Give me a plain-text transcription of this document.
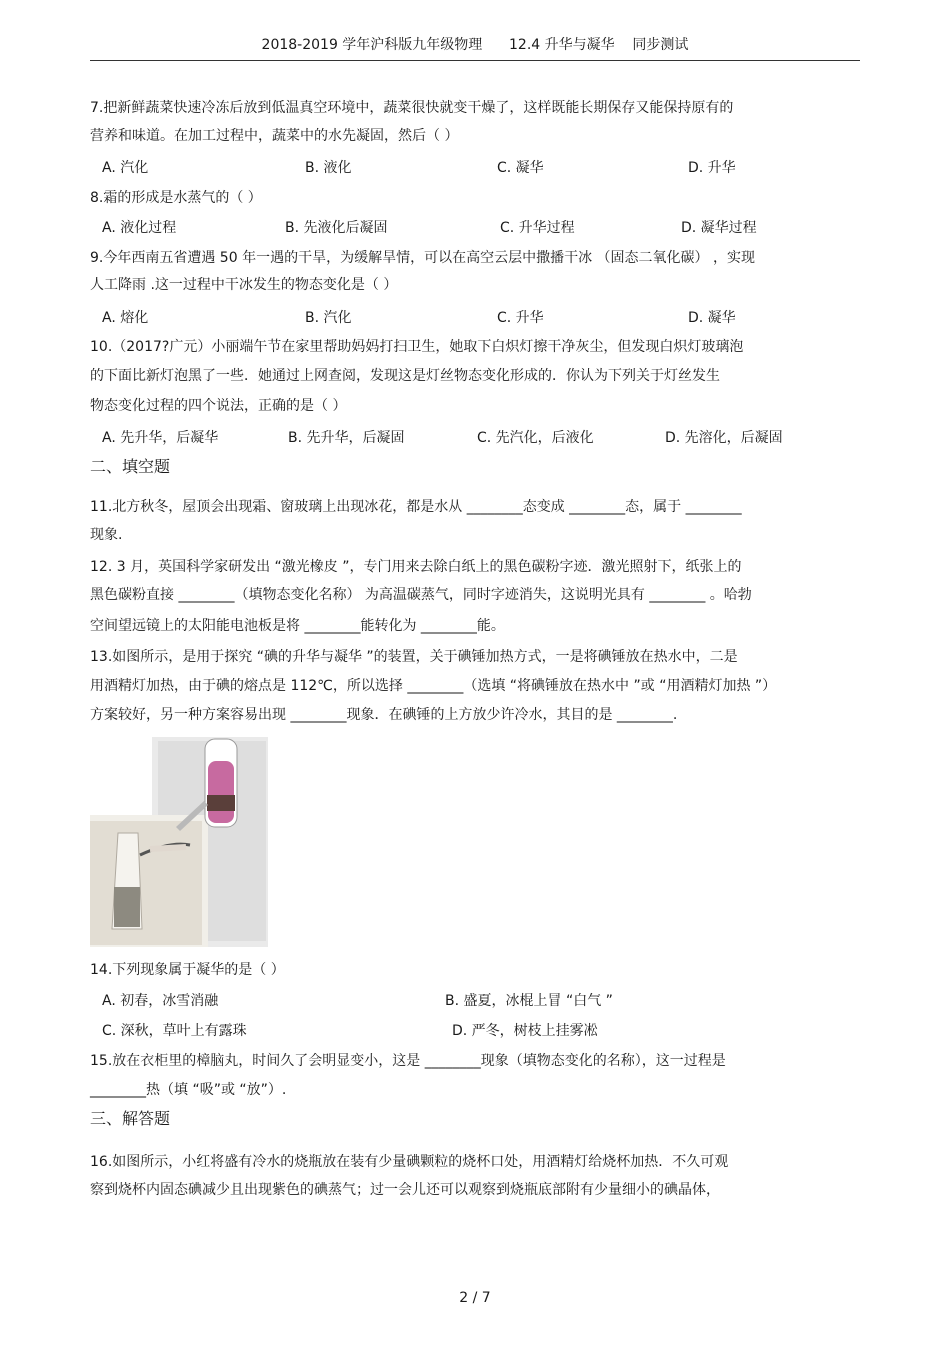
2018-2019 学年沪科版九年级物理      12.4 升华与凝华    同步测试
7.把新鲜蔬菜快速冷冻后放到低温真空环境中，蔬菜很快就变干燥了，这样既能长期保存又能保持原有的
营养和味道。在加工过程中，蔬菜中的水先凝固，然后（ ）
A. 汽化	B. 液化	C. 凝华	D. 升华
8.霜的形成是水蒸气的（ ）
A. 液化过程	B. 先液化后凝固	C. 升华过程	D. 凝华过程
9.今年西南五省遭遇 50 年一遇的干旱，为缓解旱情，可以在高空云层中撒播干冰 （固态二氧化碳） ，实现
人工降雨 .这一过程中干冰发生的物态变化是（ ）
A. 熔化	B. 汽化	C. 升华	D. 凝华
10.（2017?广元）小丽端午节在家里帮助妈妈打扫卫生，她取下白炽灯擦干净灰尘，但发现白炽灯玻璃泡
的下面比新灯泡黑了一些．她通过上网查阅，发现这是灯丝物态变化形成的．你认为下列关于灯丝发生
物态变化过程的四个说法，正确的是（ ）
A. 先升华，后凝华	B. 先升华，后凝固	C. 先汽化，后液化	D. 先溶化，后凝固
二、填空题
11.北方秋冬，屋顶会出现霜、窗玻璃上出现冰花，都是水从 ________态变成 ________态，属于 ________
现象.
12. 3 月，英国科学家研发出 “激光橡皮 ”，专门用来去除白纸上的黑色碳粉字迹．激光照射下，纸张上的
黑色碳粉直接 ________（填物态变化名称） 为高温碳蒸气，同时字迹消失，这说明光具有 ________ 。哈勃
空间望远镜上的太阳能电池板是将 ________能转化为 ________能。
13.如图所示，是用于探究 “碘的升华与凝华 ”的装置，关于碘锤加热方式，一是将碘锤放在热水中，二是
用酒精灯加热，由于碘的熔点是 112℃，所以选择 ________（选填 “将碘锤放在热水中 ”或 “用酒精灯加热 ”）
方案较好，另一种方案容易出现 ________现象．在碘锤的上方放少许冷水，其目的是 ________.
14.下列现象属于凝华的是（ ）
A. 初春，冰雪消融	B. 盛夏，冰棍上冒 “白气 ”
C. 深秋，草叶上有露珠	D. 严冬，树枝上挂雾凇
15.放在衣柜里的樟脑丸，时间久了会明显变小，这是 ________现象（填物态变化的名称），这一过程是
________热（填 “吸”或 “放”）.
三、解答题
16.如图所示，小红将盛有冷水的烧瓶放在装有少量碘颗粒的烧杯口处，用酒精灯给烧杯加热．不久可观
察到烧杯内固态碘减少且出现紫色的碘蒸气；过一会儿还可以观察到烧瓶底部附有少量细小的碘晶体，
2 / 7
